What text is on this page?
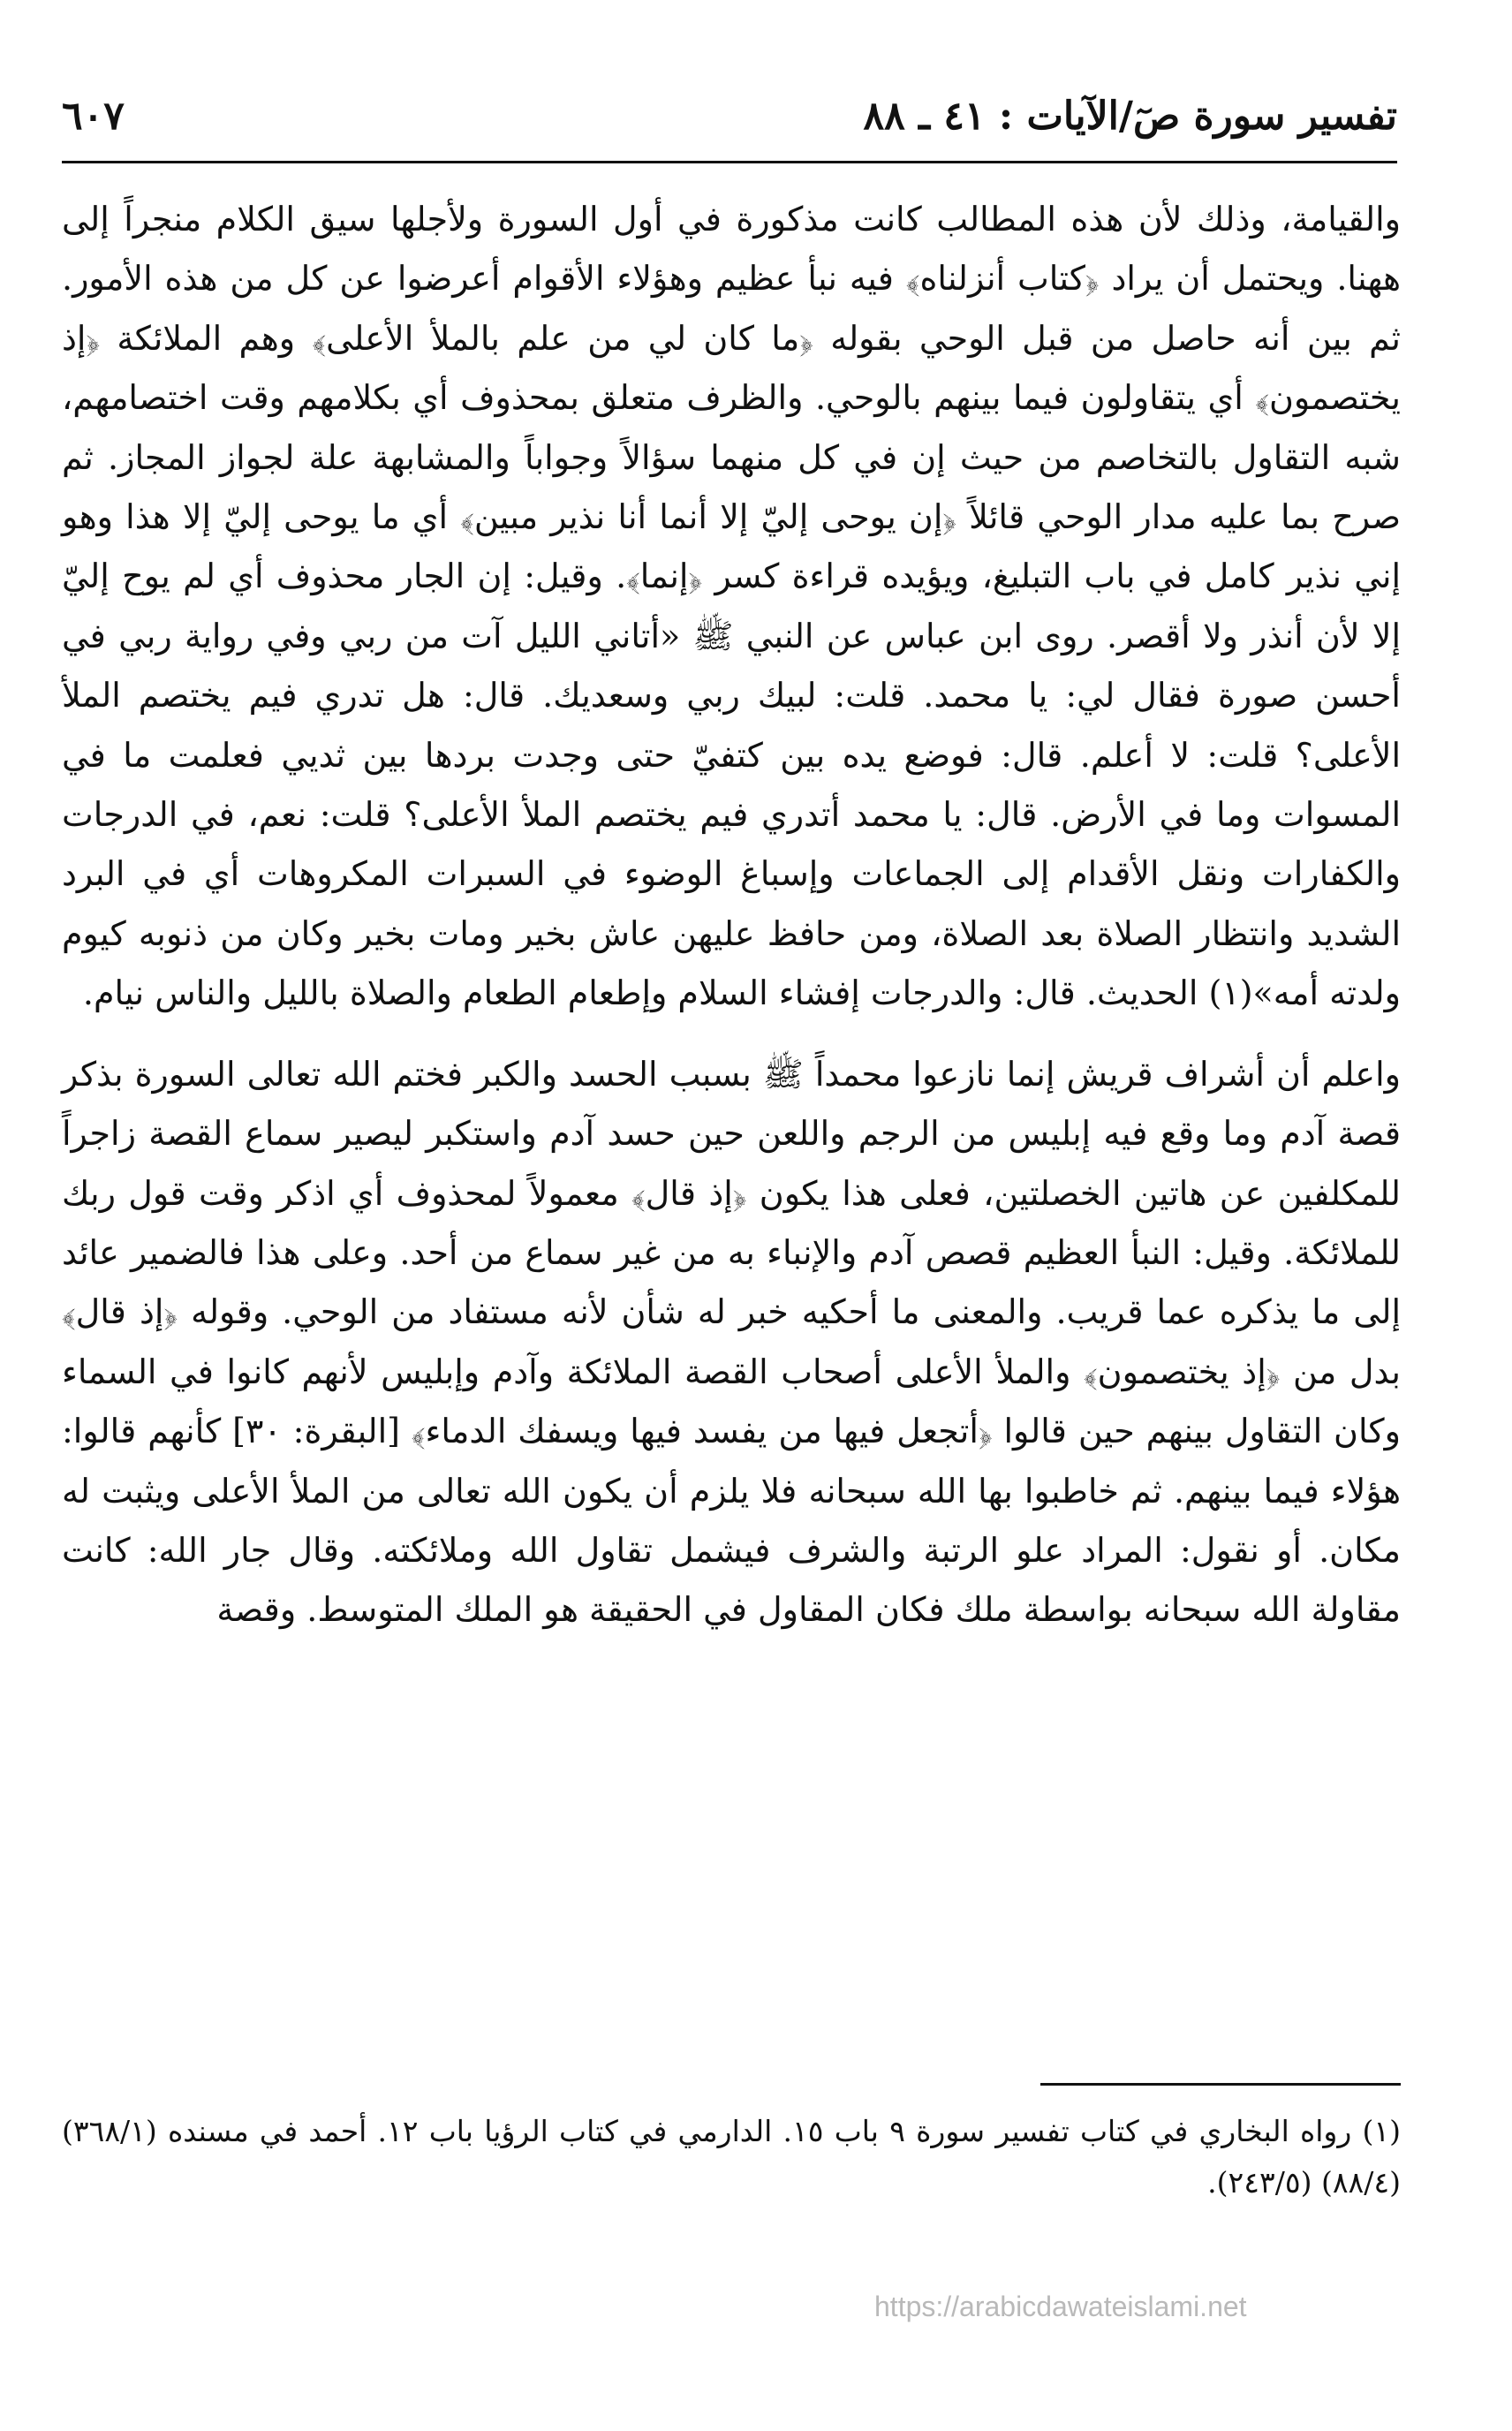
تفسير سورة صٓ/الآيات : ٤١ ـ ٨٨
٦٠٧

والقيامة، وذلك لأن هذه المطالب كانت مذكورة في أول السورة ولأجلها سيق الكلام منجراً إلى ههنا. ويحتمل أن يراد ﴿كتاب أنزلناه﴾ فيه نبأ عظيم وهؤلاء الأقوام أعرضوا عن كل من هذه الأمور. ثم بين أنه حاصل من قبل الوحي بقوله ﴿ما كان لي من علم بالملأ الأعلى﴾ وهم الملائكة ﴿إذ يختصمون﴾ أي يتقاولون فيما بينهم بالوحي. والظرف متعلق بمحذوف أي بكلامهم وقت اختصامهم، شبه التقاول بالتخاصم من حيث إن في كل منهما سؤالاً وجواباً والمشابهة علة لجواز المجاز. ثم صرح بما عليه مدار الوحي قائلاً ﴿إن يوحى إليّ إلا أنما أنا نذير مبين﴾ أي ما يوحى إليّ إلا هذا وهو إني نذير كامل في باب التبليغ، ويؤيده قراءة كسر ﴿إنما﴾. وقيل: إن الجار محذوف أي لم يوح إليّ إلا لأن أنذر ولا أقصر. روى ابن عباس عن النبي ﷺ «أتاني الليل آت من ربي وفي رواية ربي في أحسن صورة فقال لي: يا محمد. قلت: لبيك ربي وسعديك. قال: هل تدري فيم يختصم الملأ الأعلى؟ قلت: لا أعلم. قال: فوضع يده بين كتفيّ حتى وجدت بردها بين ثديي فعلمت ما في المسوات وما في الأرض. قال: يا محمد أتدري فيم يختصم الملأ الأعلى؟ قلت: نعم، في الدرجات والكفارات ونقل الأقدام إلى الجماعات وإسباغ الوضوء في السبرات المكروهات أي في البرد الشديد وانتظار الصلاة بعد الصلاة، ومن حافظ عليهن عاش بخير ومات بخير وكان من ذنوبه كيوم ولدته أمه»(١) الحديث. قال: والدرجات إفشاء السلام وإطعام الطعام والصلاة بالليل والناس نيام.

واعلم أن أشراف قريش إنما نازعوا محمداً ﷺ بسبب الحسد والكبر فختم الله تعالى السورة بذكر قصة آدم وما وقع فيه إبليس من الرجم واللعن حين حسد آدم واستكبر ليصير سماع القصة زاجراً للمكلفين عن هاتين الخصلتين، فعلى هذا يكون ﴿إذ قال﴾ معمولاً لمحذوف أي اذكر وقت قول ربك للملائكة. وقيل: النبأ العظيم قصص آدم والإنباء به من غير سماع من أحد. وعلى هذا فالضمير عائد إلى ما يذكره عما قريب. والمعنى ما أحكيه خبر له شأن لأنه مستفاد من الوحي. وقوله ﴿إذ قال﴾ بدل من ﴿إذ يختصمون﴾ والملأ الأعلى أصحاب القصة الملائكة وآدم وإبليس لأنهم كانوا في السماء وكان التقاول بينهم حين قالوا ﴿أتجعل فيها من يفسد فيها ويسفك الدماء﴾ [البقرة: ٣٠] كأنهم قالوا: هؤلاء فيما بينهم. ثم خاطبوا بها الله سبحانه فلا يلزم أن يكون الله تعالى من الملأ الأعلى ويثبت له مكان. أو نقول: المراد علو الرتبة والشرف فيشمل تقاول الله وملائكته. وقال جار الله: كانت مقاولة الله سبحانه بواسطة ملك فكان المقاول في الحقيقة هو الملك المتوسط. وقصة

(١) رواه البخاري في كتاب تفسير سورة ٩ باب ١٥. الدارمي في كتاب الرؤيا باب ١٢. أحمد في مسنده (٣٦٨/١) (٨٨/٤) (٢٤٣/٥).
https://arabicdawateislami.net
